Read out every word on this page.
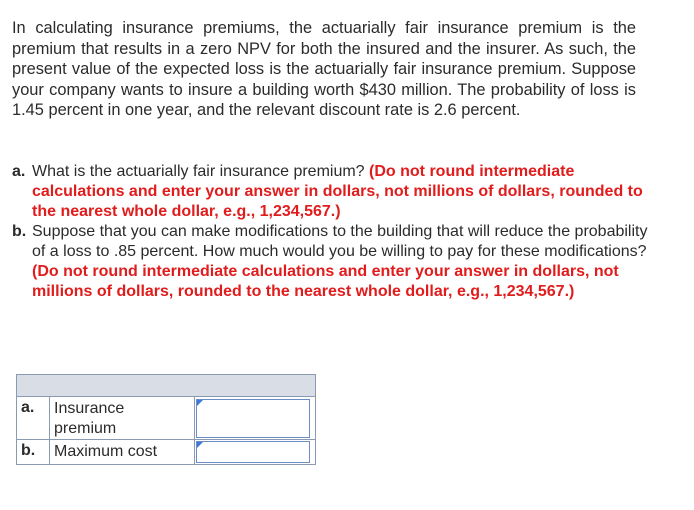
In calculating insurance premiums, the actuarially fair insurance premium is the premium that results in a zero NPV for both the insured and the insurer. As such, the present value of the expected loss is the actuarially fair insurance premium. Suppose your company wants to insure a building worth $430 million. The probability of loss is 1.45 percent in one year, and the relevant discount rate is 2.6 percent.

a. What is the actuarially fair insurance premium? (Do not round intermediate calculations and enter your answer in dollars, not millions of dollars, rounded to the nearest whole dollar, e.g., 1,234,567.)
b. Suppose that you can make modifications to the building that will reduce the probability of a loss to .85 percent. How much would you be willing to pay for these modifications? (Do not round intermediate calculations and enter your answer in dollars, not millions of dollars, rounded to the nearest whole dollar, e.g., 1,234,567.)

a.	Insurance premium	

b.	Maximum cost	
